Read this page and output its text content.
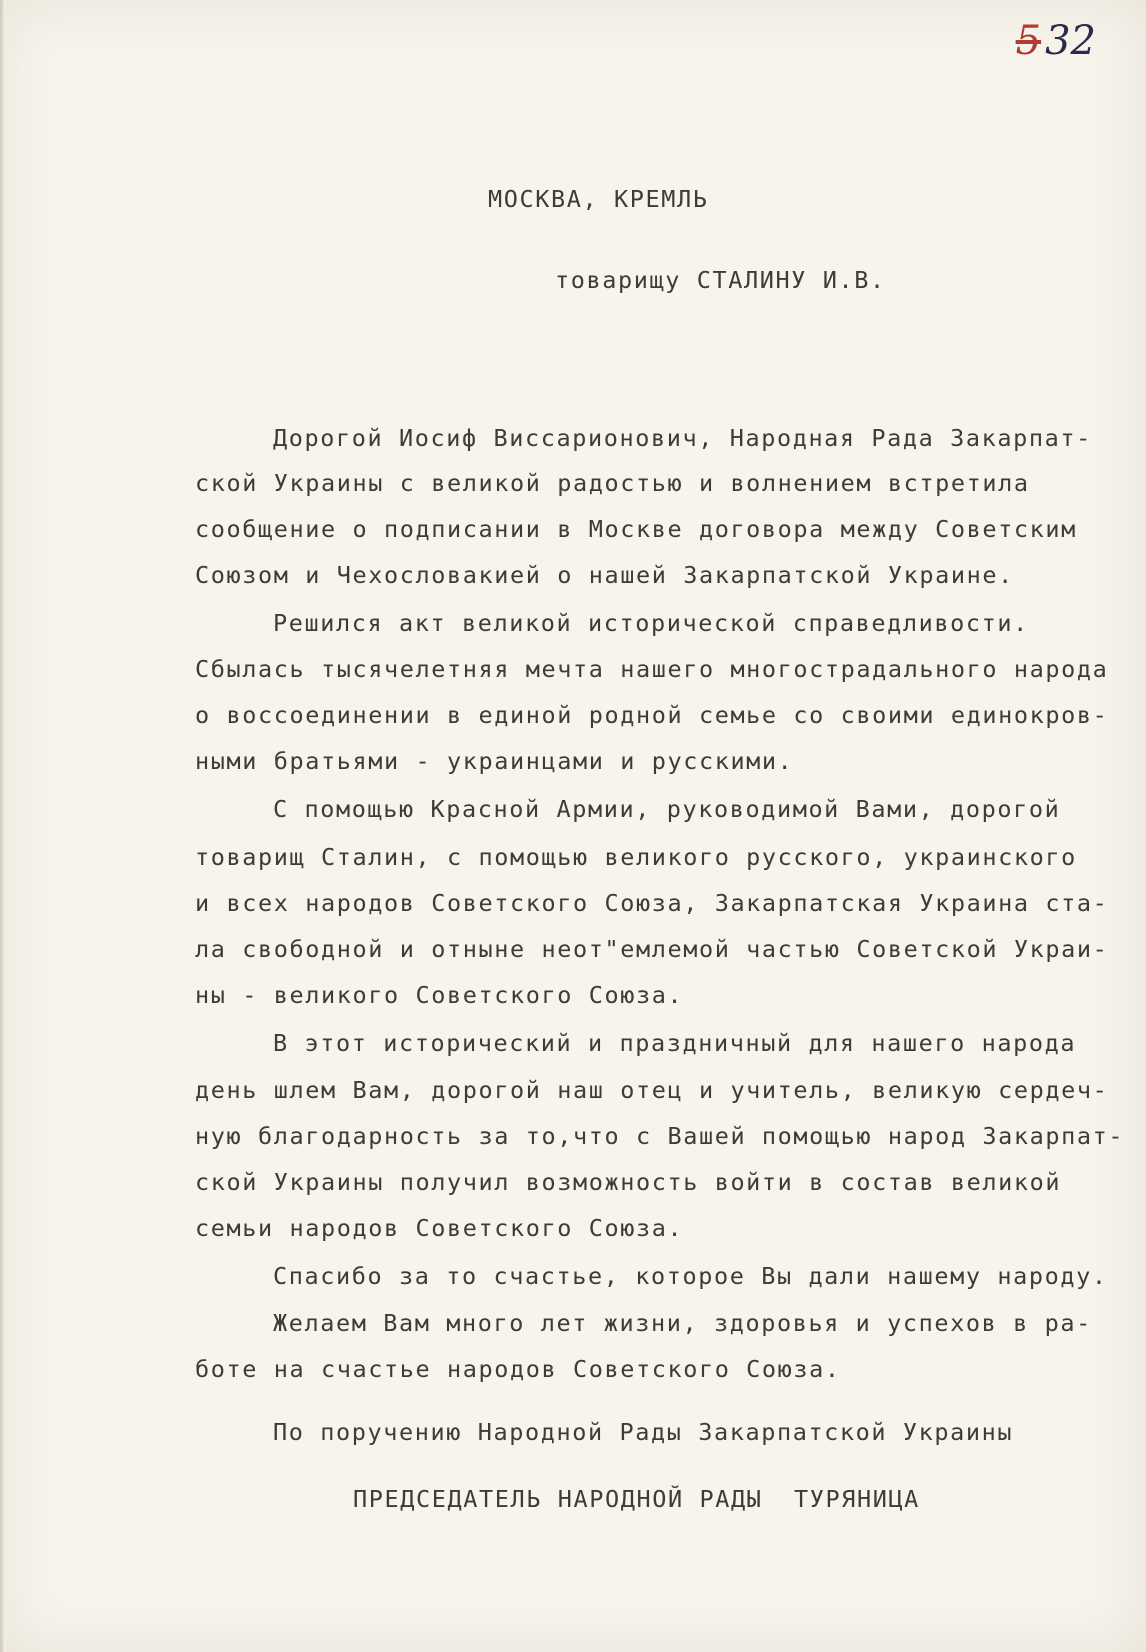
5 32
МОСКВА, КРЕМЛЬ
товарищу СТАЛИНУ И.В.
Дорогой Иосиф Виссарионович, Народная Рада Закарпат-
ской Украины с великой радостью и волнением встретила
сообщение о подписании в Москве договора между Советским
Союзом и Чехословакией о нашей Закарпатской Украине.
Решился акт великой исторической справедливости.
Сбылась тысячелетняя мечта нашего многострадального народа
о воссоединении в единой родной семье со своими единокров-
ными братьями - украинцами и русскими.
С помощью Красной Армии, руководимой Вами, дорогой
товарищ Сталин, с помощью великого русского, украинского
и всех народов Советского Союза, Закарпатская Украина ста-
ла свободной и отныне неот"емлемой частью Советской Украи-
ны - великого Советского Союза.
В этот исторический и праздничный для нашего народа
день шлем Вам, дорогой наш отец и учитель, великую сердеч-
ную благодарность за то,что с Вашей помощью народ Закарпат-
ской Украины получил возможность войти в состав великой
семьи народов Советского Союза.
Спасибо за то счастье, которое Вы дали нашему народу.
Желаем Вам много лет жизни, здоровья и успехов в ра-
боте на счастье народов Советского Союза.
По поручению Народной Рады Закарпатской Украины
ПРЕДСЕДАТЕЛЬ НАРОДНОЙ РАДЫ  ТУРЯНИЦА
